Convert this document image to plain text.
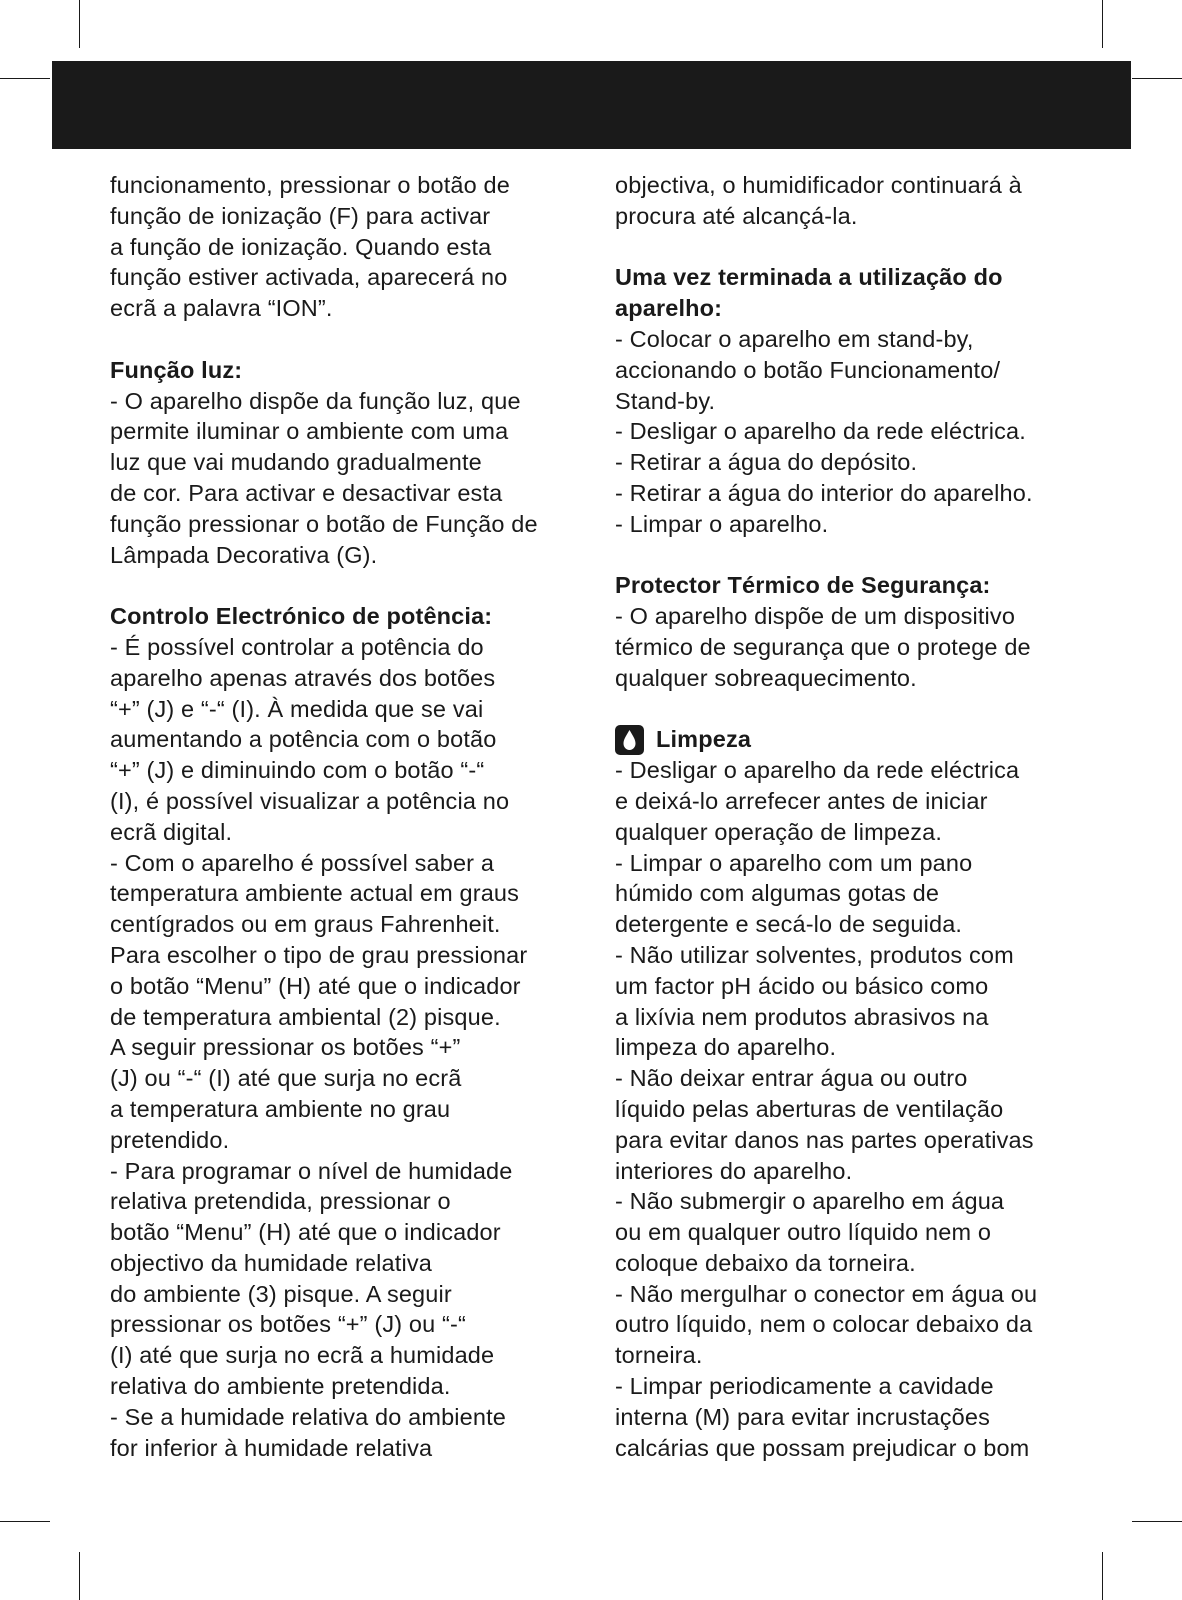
funcionamento, pressionar o botão de
função de ionização (F) para activar
a função de ionização. Quando esta
função estiver activada, aparecerá no
ecrã a palavra “ION”.
Função luz:
- O aparelho dispõe da função luz, que
permite iluminar o ambiente com uma
luz que vai mudando gradualmente
de cor. Para activar e desactivar esta
função pressionar o botão de Função de
Lâmpada Decorativa (G).
Controlo Electrónico de potência:
- É possível controlar a potência do
aparelho apenas através dos botões
“+” (J) e “-“ (I). À medida que se vai
aumentando a potência com o botão
“+” (J) e diminuindo com o botão “-“
(I), é possível visualizar a potência no
ecrã digital.
- Com o aparelho é possível saber a
temperatura ambiente actual em graus
centígrados ou em graus Fahrenheit.
Para escolher o tipo de grau pressionar
o botão “Menu” (H) até que o indicador
de temperatura ambiental (2) pisque.
A seguir pressionar os botões “+”
(J) ou “-“ (I) até que surja no ecrã
a temperatura ambiente no grau
pretendido.
- Para programar o nível de humidade
relativa pretendida, pressionar o
botão “Menu” (H) até que o indicador
objectivo da humidade relativa
do ambiente (3) pisque. A seguir
pressionar os botões “+” (J) ou “-“
(I) até que surja no ecrã a humidade
relativa do ambiente pretendida.
- Se a humidade relativa do ambiente
for inferior à humidade relativa
objectiva, o humidificador continuará à
procura até alcançá-la.
Uma vez terminada a utilização do
aparelho:
- Colocar o aparelho em stand-by,
accionando o botão Funcionamento/
Stand-by.
- Desligar o aparelho da rede eléctrica.
- Retirar a água do depósito.
- Retirar a água do interior do aparelho.
- Limpar o aparelho.
Protector Térmico de Segurança:
- O aparelho dispõe de um dispositivo
térmico de segurança que o protege de
qualquer sobreaquecimento.
Limpeza
- Desligar o aparelho da rede eléctrica
e deixá-lo arrefecer antes de iniciar
qualquer operação de limpeza.
- Limpar o aparelho com um pano
húmido com algumas gotas de
detergente e secá-lo de seguida.
- Não utilizar solventes, produtos com
um factor pH ácido ou básico como
a lixívia nem produtos abrasivos na
limpeza do aparelho.
- Não deixar entrar água ou outro
líquido pelas aberturas de ventilação
para evitar danos nas partes operativas
interiores do aparelho.
- Não submergir o aparelho em água
ou em qualquer outro líquido nem o
coloque debaixo da torneira.
- Não mergulhar o conector em água ou
outro líquido, nem o colocar debaixo da
torneira.
- Limpar periodicamente a cavidade
interna (M) para evitar incrustações
calcárias que possam prejudicar o bom
